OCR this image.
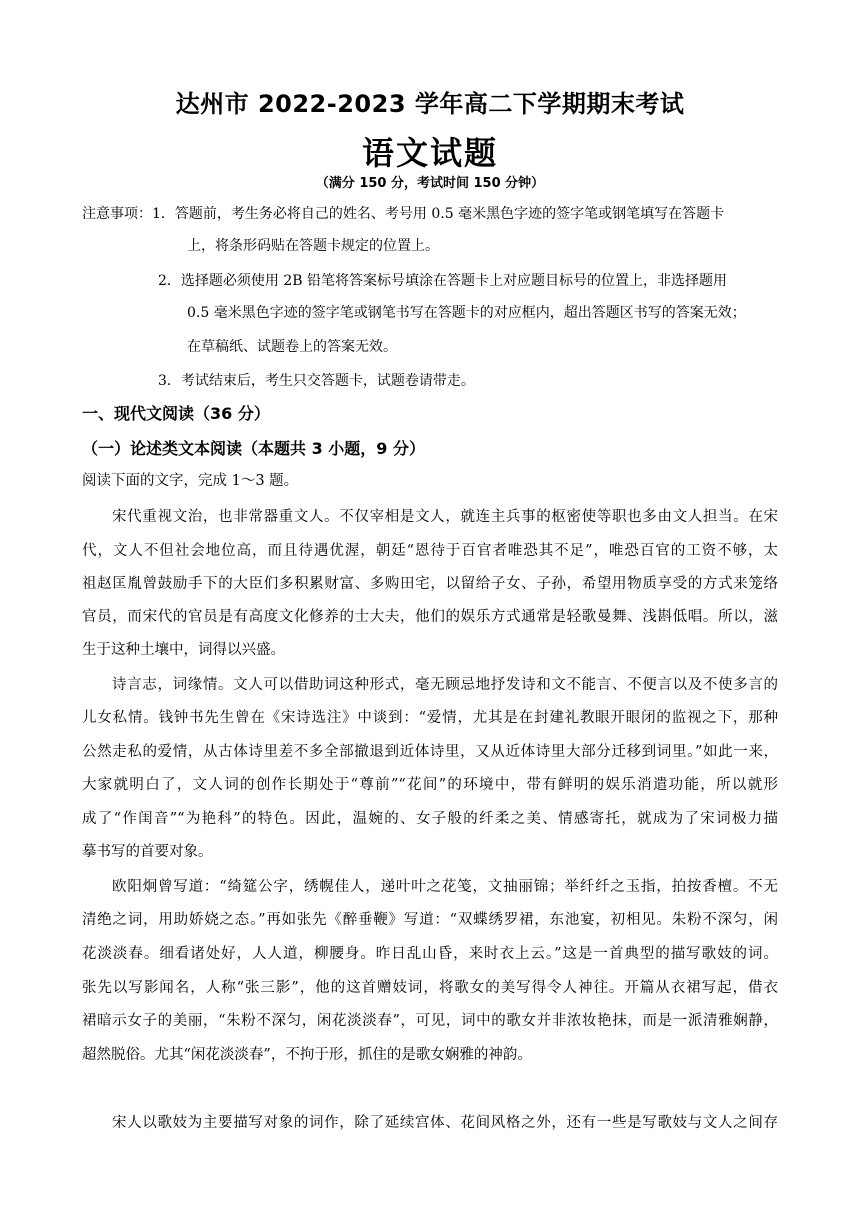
达州市 2022-2023 学年高二下学期期末考试
语文试题
（满分 150 分，考试时间 150 分钟）
注意事项：1．答题前，考生务必将自己的姓名、考号用 0.5 毫米黑色字迹的签字笔或钢笔填写在答题卡
上，将条形码贴在答题卡规定的位置上。
2．选择题必须使用 2B 铅笔将答案标号填涂在答题卡上对应题目标号的位置上，非选择题用
0.5 毫米黑色字迹的签字笔或钢笔书写在答题卡的对应框内，超出答题区书写的答案无效；
在草稿纸、试题卷上的答案无效。
3．考试结束后，考生只交答题卡，试题卷请带走。
一、现代文阅读（36 分）
（一）论述类文本阅读（本题共 3 小题，9 分）
阅读下面的文字，完成 1～3 题。
宋代重视文治，也非常器重文人。不仅宰相是文人，就连主兵事的枢密使等职也多由文人担当。在宋
代，文人不但社会地位高，而且待遇优渥，朝廷“恩待于百官者唯恐其不足”，唯恐百官的工资不够，太
祖赵匡胤曾鼓励手下的大臣们多积累财富、多购田宅，以留给子女、子孙，希望用物质享受的方式来笼络
官员，而宋代的官员是有高度文化修养的士大夫，他们的娱乐方式通常是轻歌曼舞、浅斟低唱。所以，滋
生于这种土壤中，词得以兴盛。
诗言志，词缘情。文人可以借助词这种形式，毫无顾忌地抒发诗和文不能言、不便言以及不使多言的
儿女私情。钱钟书先生曾在《宋诗选注》中谈到：“爱情，尤其是在封建礼教眼开眼闭的监视之下，那种
公然走私的爱情，从古体诗里差不多全部撤退到近体诗里，又从近体诗里大部分迁移到词里。”如此一来，
大家就明白了，文人词的创作长期处于“尊前”“花间”的环境中，带有鲜明的娱乐消遣功能，所以就形
成了“作闺音”“为艳科”的特色。因此，温婉的、女子般的纤柔之美、情感寄托，就成为了宋词极力描
摹书写的首要对象。
欧阳炯曾写道：“绮筵公字，绣幌佳人，递叶叶之花笺，文抽丽锦；举纤纤之玉指，拍按香檀。不无
清绝之词，用助娇娆之态。”再如张先《醉垂鞭》写道：“双蝶绣罗裙，东池宴，初相见。朱粉不深匀，闲
花淡淡春。细看诸处好，人人道，柳腰身。昨日乱山昏，来时衣上云。”这是一首典型的描写歌妓的词。
张先以写影闻名，人称“张三影”，他的这首赠妓词，将歌女的美写得令人神往。开篇从衣裙写起，借衣
裙暗示女子的美丽，“朱粉不深匀，闲花淡淡春”，可见，词中的歌女并非浓妆艳抹，而是一派清雅娴静，
超然脱俗。尤其“闲花淡淡春”，不拘于形，抓住的是歌女娴雅的神韵。
宋人以歌妓为主要描写对象的词作，除了延续宫体、花间风格之外，还有一些是写歌妓与文人之间存
